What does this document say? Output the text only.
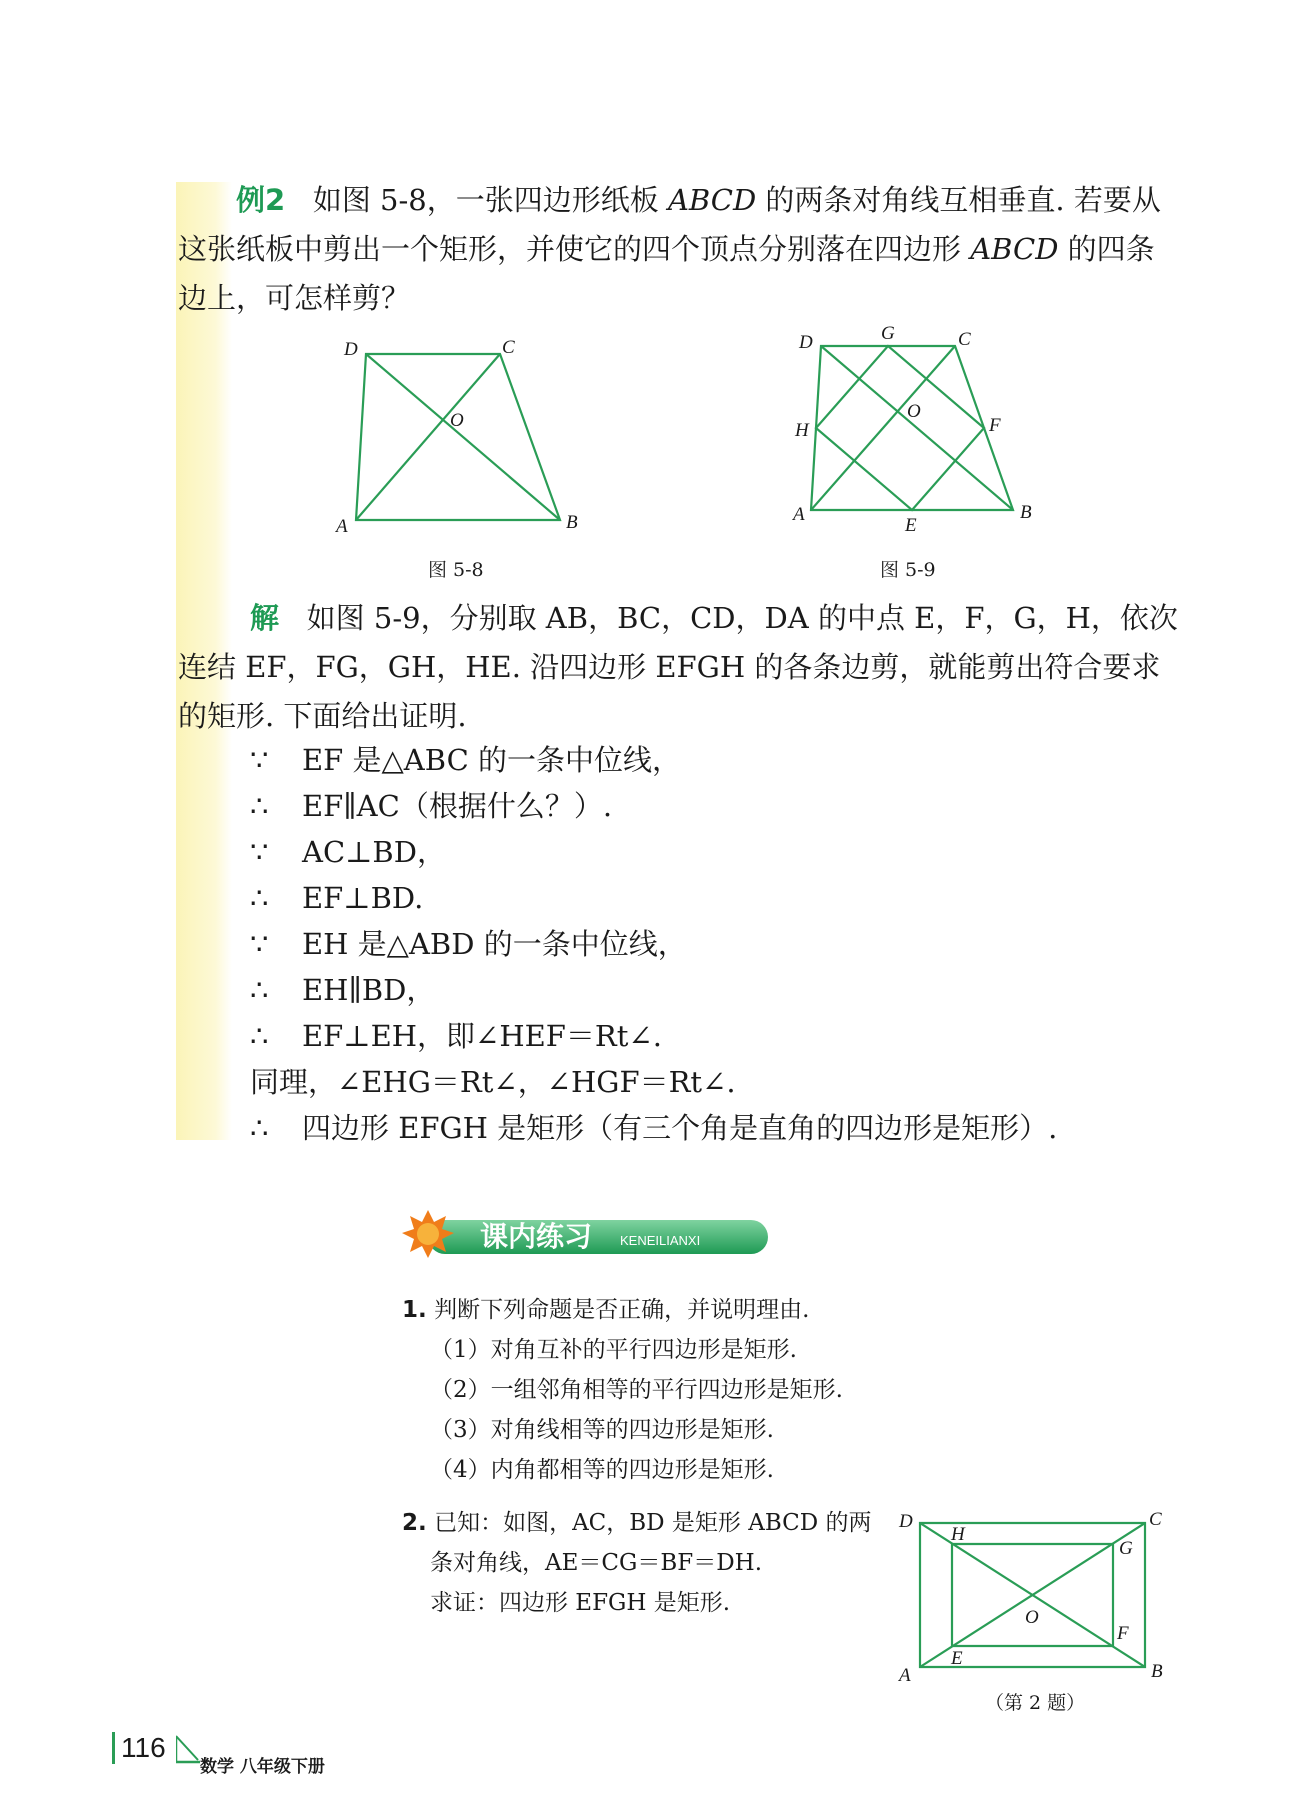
例2 如图 5-8，一张四边形纸板 ABCD 的两条对角线互相垂直. 若要从这张纸板中剪出一个矩形，并使它的四个顶点分别落在四边形 ABCD 的四条边上，可怎样剪？

D	C
O
A	B
图 5-8
D	G	C
O
H	F
A
E
B
图 5-9

解 如图 5-9，分别取 AB，BC，CD，DA 的中点 E，F，G，H，依次连结 EF，FG，GH，HE. 沿四边形 EFGH 的各条边剪，就能剪出符合要求的矩形. 下面给出证明.

∵ EF 是△ABC 的一条中位线，
∴ EF∥AC（根据什么？）.
∵ AC⊥BD，
∴ EF⊥BD.
∵ EH 是△ABD 的一条中位线，
∴ EH∥BD，
∴ EF⊥EH，即∠HEF＝Rt∠.
同理，∠EHG＝Rt∠，∠HGF＝Rt∠.
∴ 四边形 EFGH 是矩形（有三个角是直角的四边形是矩形）.
课内练习 KENEILIANXI
1. 判断下列命题是否正确，并说明理由.
（1）对角互补的平行四边形是矩形.
（2）一组邻角相等的平行四边形是矩形.
（3）对角线相等的四边形是矩形.
（4）内角都相等的四边形是矩形.
2. 已知：如图，AC，BD 是矩形 ABCD 的两
条对角线，AE＝CG＝BF＝DH.
求证：四边形 EFGH 是矩形.
D
H
C
G
O
F
E
A	B
（第 2 题）
116
数学 八年级下册
